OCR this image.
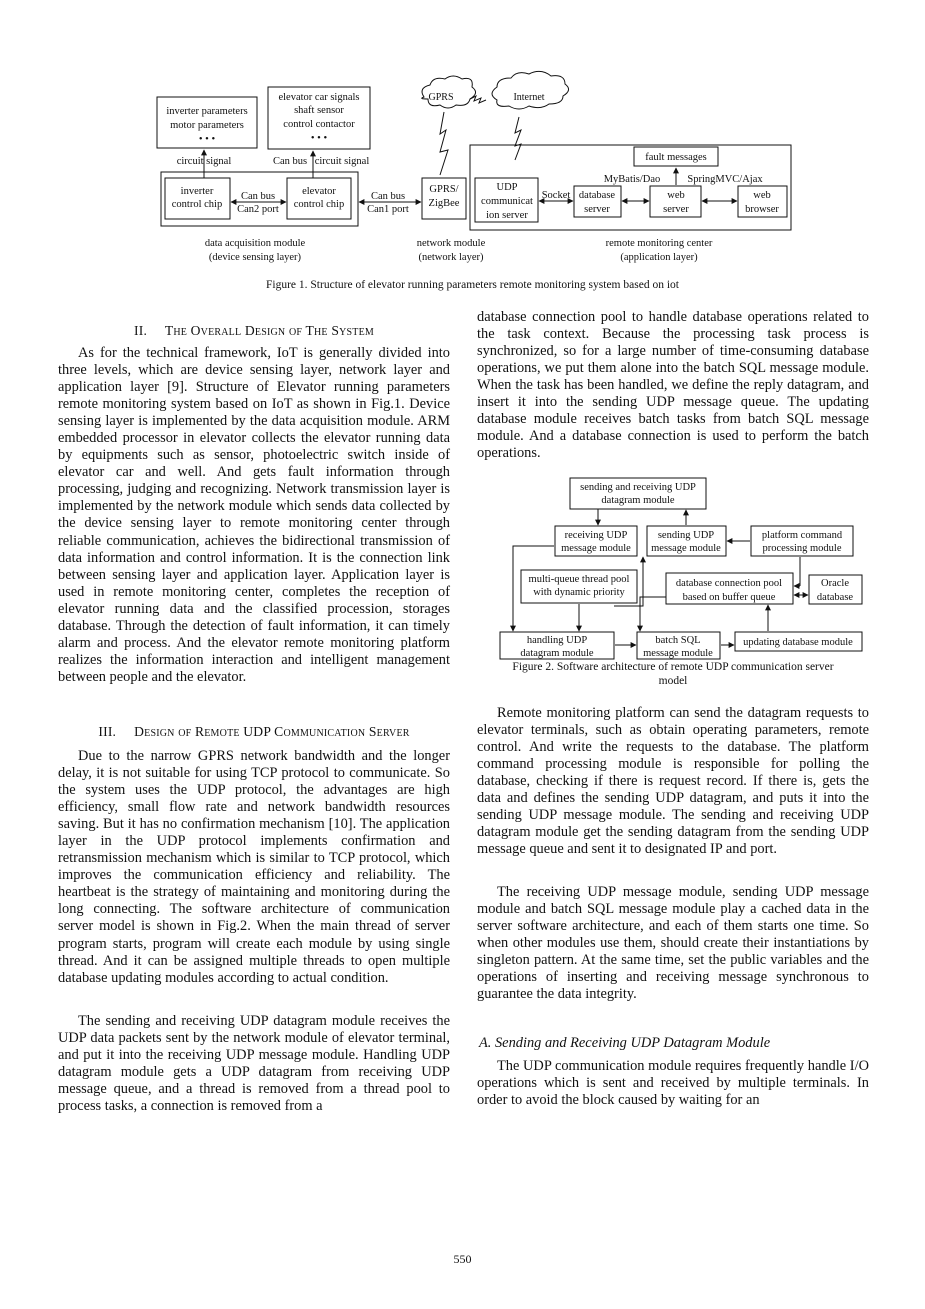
inverter parameters
motor parameters
• • •
elevator car signals
shaft sensor
control contactor
• • •
GPRS	Internet
fault messages
circuit signal	Can bus circuit signal
inverter
control chip
Can bus
Can2 port
elevator
control chip
Can bus
Can1 port
GPRS/
ZigBee
UDP
communicat
ion server
Socket
MyBatis/Dao	SpringMVC/Ajax
database
server
web
server
web
browser
data acquisition module
(device sensing layer)
network module
(network layer)
remote monitoring center
(application layer)
Figure 1. Structure of elevator running parameters remote monitoring system based on iot
II. The Overall Design of The System

As for the technical framework, IoT is generally divided into three levels, which are device sensing layer, network layer and application layer [9]. Structure of Elevator running parameters remote monitoring system based on IoT as shown in Fig.1. Device sensing layer is implemented by the data acquisition module. ARM embedded processor in elevator collects the elevator running data by equipments such as sensor, photoelectric switch inside of elevator car and well. And gets fault information through processing, judging and recognizing. Network transmission layer is implemented by the network module which sends data collected by the device sensing layer to remote monitoring center through reliable communication, achieves the bidirectional transmission of data information and control information. It is the connection link between sensing layer and application layer. Application layer is used in remote monitoring center, completes the reception of elevator running data and the classified procession, storages database. Through the detection of fault information, it can timely alarm and process. And the elevator remote monitoring platform realizes the information interaction and intelligent management between people and the elevator.

III. Design of Remote UDP Communication Server

Due to the narrow GPRS network bandwidth and the longer delay, it is not suitable for using TCP protocol to communicate. So the system uses the UDP protocol, the advantages are high efficiency, small flow rate and network bandwidth resources saving. But it has no confirmation mechanism [10]. The application layer in the UDP protocol implements confirmation and retransmission mechanism which is similar to TCP protocol, which improves the communication efficiency and reliability. The heartbeat is the strategy of maintaining and monitoring during the long connecting. The software architecture of communication server model is shown in Fig.2. When the main thread of server program starts, program will create each module by using single thread. And it can be assigned multiple threads to open multiple database updating modules according to actual condition.

The sending and receiving UDP datagram module receives the UDP data packets sent by the network module of elevator terminal, and put it into the receiving UDP message module. Handling UDP datagram module gets a UDP datagram from receiving UDP message queue, and a thread is removed from a thread pool to process tasks, a connection is removed from a

database connection pool to handle database operations related to the task context. Because the processing task process is synchronized, so for a large number of time-consuming database operations, we put them alone into the batch SQL message module. When the task has been handled, we define the reply datagram, and insert it into the sending UDP message queue. The updating database module receives batch tasks from batch SQL message module. And a database connection is used to perform the batch operations.

sending and receiving UDP
datagram module
receiving UDP
message module
sending UDP
message module
platform command
processing module
multi-queue thread pool
with dynamic priority
database connection pool
based on buffer queue
Oracle
database
handling UDP
datagram module
batch SQL
message module
updating database module
Figure 2. Software architecture of remote UDP communication server
model

Remote monitoring platform can send the datagram requests to elevator terminals, such as obtain operating parameters, remote control. And write the requests to the database. The platform command processing module is responsible for polling the database, checking if there is request record. If there is, gets the data and defines the sending UDP datagram, and puts it into the sending UDP message module. The sending and receiving UDP datagram module get the sending datagram from the sending UDP message queue and sent it to designated IP and port.

The receiving UDP message module, sending UDP message module and batch SQL message module play a cached data in the server software architecture, and each of them starts one time. So when other modules use them, should create their instantiations by singleton pattern. At the same time, set the public variables and the operations of inserting and receiving message synchronous to guarantee the data integrity.

A. Sending and Receiving UDP Datagram Module

The UDP communication module requires frequently handle I/O operations which is sent and received by multiple terminals. In order to avoid the block caused by waiting for an

550
